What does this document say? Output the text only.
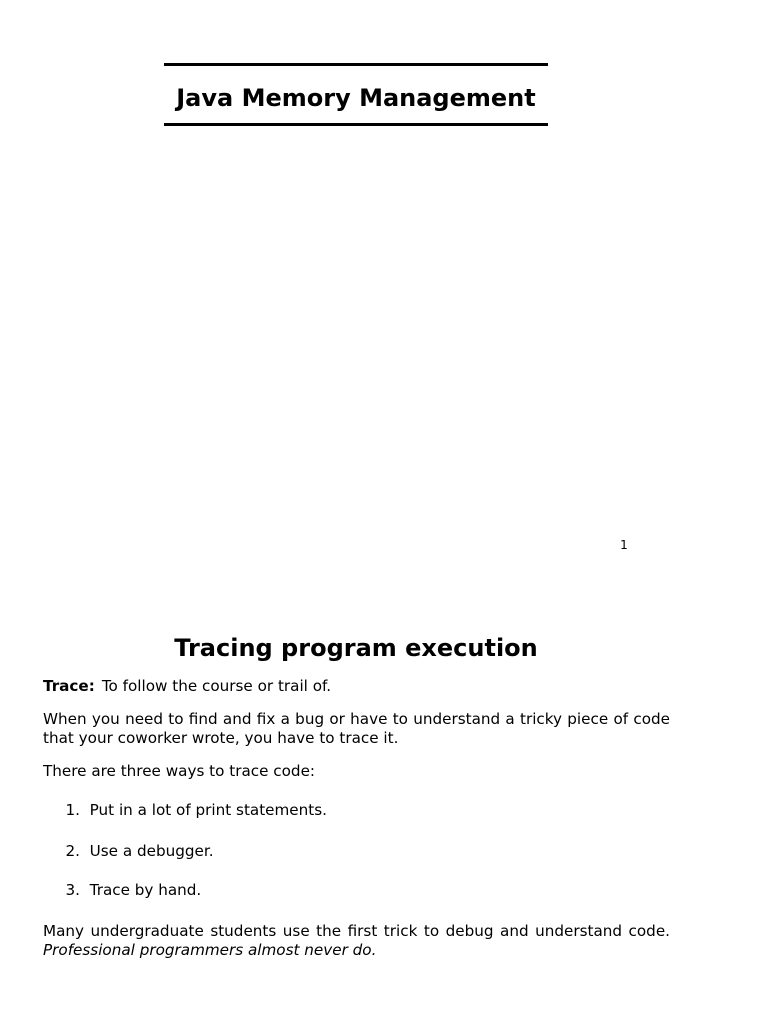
Java Memory Management
1
Tracing program execution
Trace: To follow the course or trail of.
When you need to find and fix a bug or have to understand a tricky piece of code that your coworker wrote, you have to trace it.
There are three ways to trace code:
1. Put in a lot of print statements.
2. Use a debugger.
3. Trace by hand.
Many undergraduate students use the first trick to debug and understand code. Professional programmers almost never do.
